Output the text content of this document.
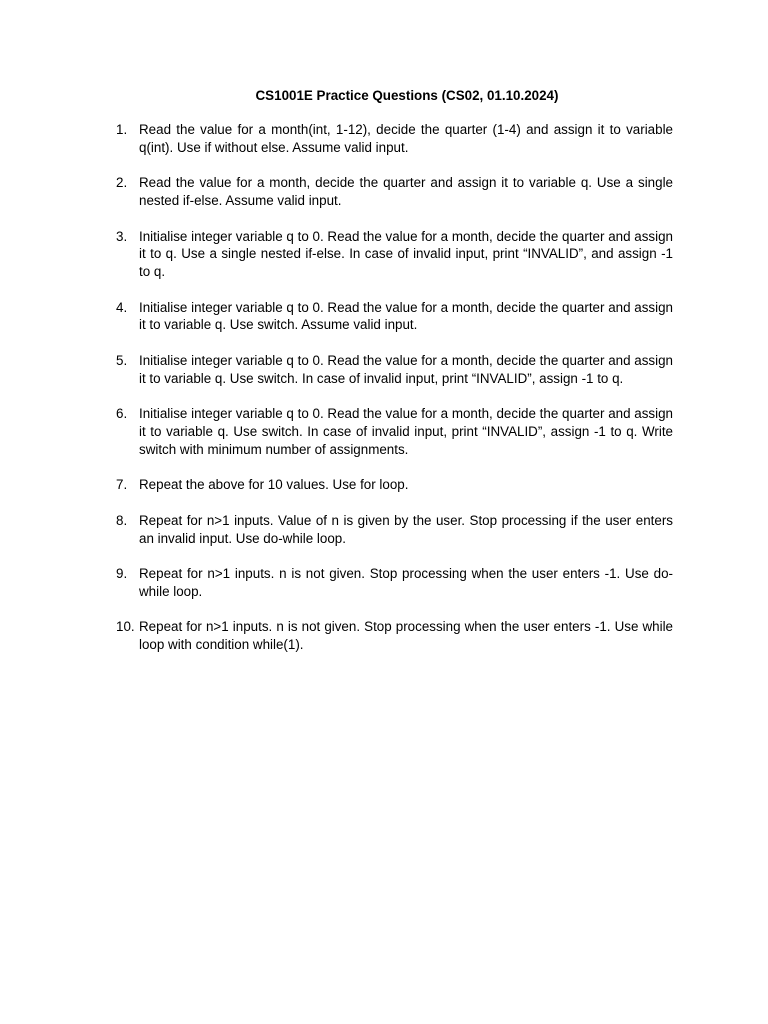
CS1001E Practice Questions (CS02, 01.10.2024)
1. Read the value for a month(int, 1-12), decide the quarter (1-4) and assign it to variable q(int). Use if without else. Assume valid input.
2. Read the value for a month, decide the quarter and assign it to variable q. Use a single nested if-else. Assume valid input.
3. Initialise integer variable q to 0. Read the value for a month, decide the quarter and assign it to q. Use a single nested if-else. In case of invalid input, print “INVALID”, and assign -1 to q.
4. Initialise integer variable q to 0. Read the value for a month, decide the quarter and assign it to variable q. Use switch. Assume valid input.
5. Initialise integer variable q to 0. Read the value for a month, decide the quarter and assign it to variable q. Use switch. In case of invalid input, print “INVALID”, assign -1 to q.
6. Initialise integer variable q to 0. Read the value for a month, decide the quarter and assign it to variable q. Use switch. In case of invalid input, print “INVALID”, assign -1 to q. Write switch with minimum number of assignments.
7. Repeat the above for 10 values. Use for loop.
8. Repeat for n>1 inputs. Value of n is given by the user. Stop processing if the user enters an invalid input. Use do-while loop.
9. Repeat for n>1 inputs. n is not given. Stop processing when the user enters -1. Use do-while loop.
10. Repeat for n>1 inputs. n is not given. Stop processing when the user enters -1. Use while loop with condition while(1).
